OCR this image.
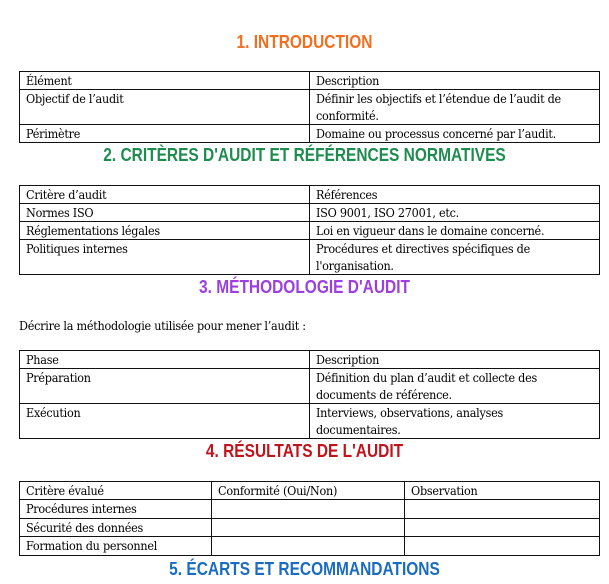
1. INTRODUCTION
Élément	Description

Objectif de l’audit	Définir les objectifs et l’étendue de l’audit de
conformité.

Périmètre	Domaine ou processus concerné par l’audit.
2. CRITÈRES D'AUDIT ET RÉFÉRENCES NORMATIVES
Critère d’audit	Références

Normes ISO	ISO 9001, ISO 27001, etc.

Réglementations légales	Loi en vigueur dans le domaine concerné.

Politiques internes	Procédures et directives spécifiques de
l'organisation.
3. MÉTHODOLOGIE D'AUDIT

Décrire la méthodologie utilisée pour mener l’audit :

Phase	Description

Préparation	Définition du plan d’audit et collecte des
documents de référence.

Exécution	Interviews, observations, analyses
documentaires.
4. RÉSULTATS DE L'AUDIT
Critère évalué	Conformité (Oui/Non)	Observation

Procédures internes		

Sécurité des données		

Formation du personnel		

5. ÉCARTS ET RECOMMANDATIONS
